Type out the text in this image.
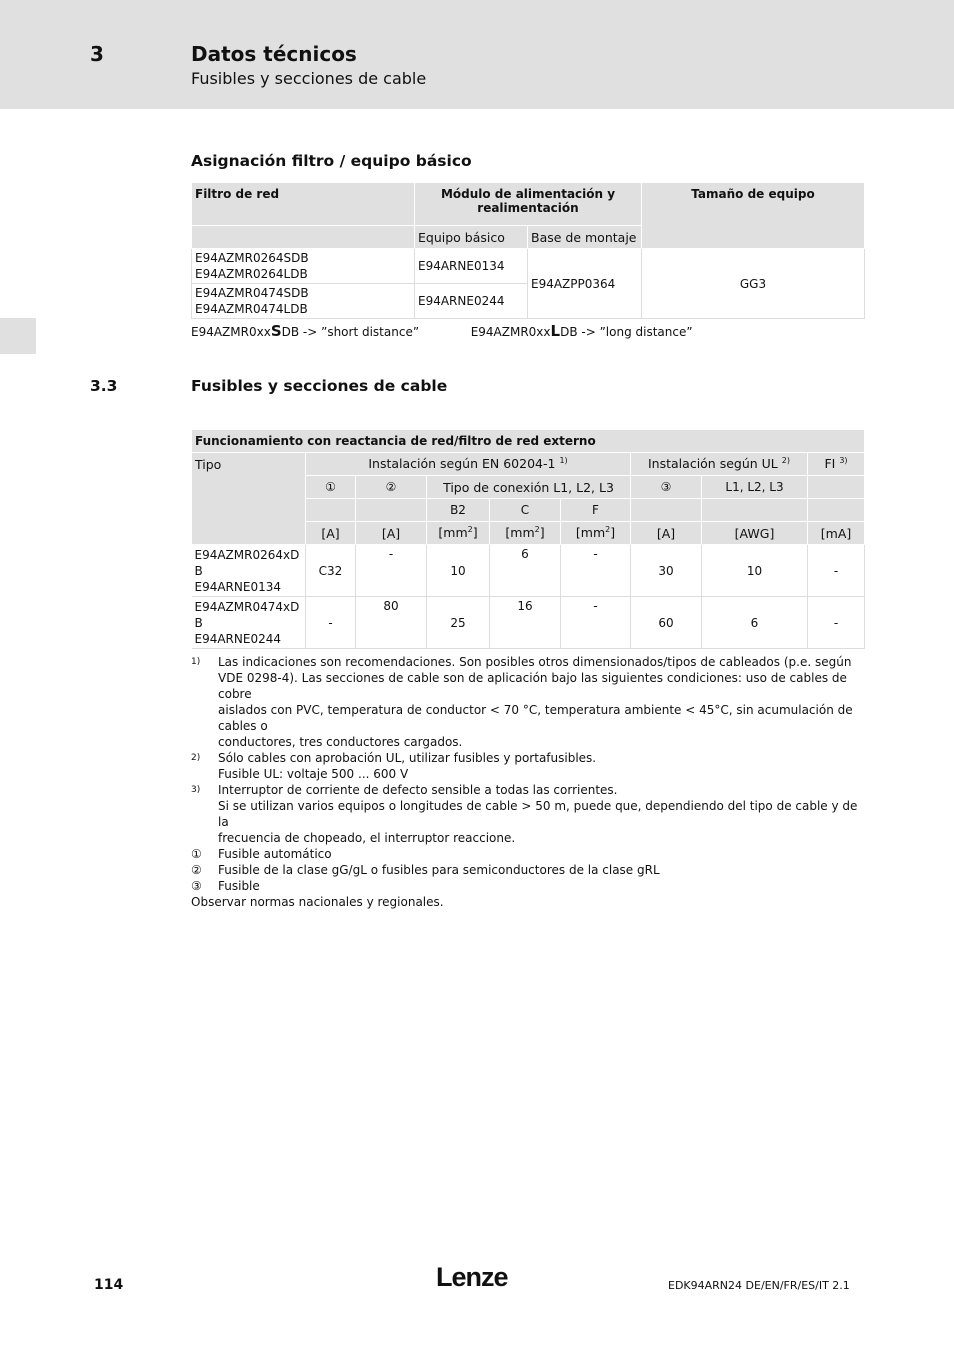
3	Datos técnicos
Fusibles y secciones de cable
Asignación filtro / equipo básico
Filtro de red	Módulo de alimentación y realimentación		Tamaño de equipo
	Equipo básico	Base de montaje	

E94AZMR0264SDB
E94AZMR0264LDB	E94ARNE0134	E94AZPP0364	GG3

E94AZMR0474SDB
E94AZMR0474LDB	E94ARNE0244		
E94AZMR0xxSDB -> ”short distance”	E94AZMR0xxLDB -> ”long distance”
3.3	Fusibles y secciones de cable
Funcionamiento con reactancia de red/filtro de red externo								
Tipo	Instalación según EN 60204-1 $^{1)}$					Instalación según UL $^{2)}$		FI $^{3)}$
	①	②	Tipo de conexión L1, L2, L3			③	L1, L2, L3	
			B2	C	F			
	[A]	[A]	$[mm^2]$	$[mm^2]$	$[mm^2]$	[A]	[AWG]	[mA]

E94AZMR0264xD
B
E94ARNE0134	C32	-	10	6	-	30	10	-

E94AZMR0474xD
B
E94ARNE0244	-	80	25	16	-	60	6	-
$^{1)}$	Las indicaciones son recomendaciones. Son posibles otros dimensionados/tipos de cableados (p.e. según
VDE 0298-4). Las secciones de cable son de aplicación bajo las siguientes condiciones: uso de cables de cobre
aislados con PVC, temperatura de conductor < 70 °C, temperatura ambiente < 45°C, sin acumulación de cables o
conductores, tres conductores cargados.
$^{2)}$	Sólo cables con aprobación UL, utilizar fusibles y portafusibles.
Fusible UL: voltaje 500 ... 600 V
$^{3)}$	Interruptor de corriente de defecto sensible a todas las corrientes.
Si se utilizan varios equipos o longitudes de cable > 50 m, puede que, dependiendo del tipo de cable y de la
frecuencia de chopeado, el interruptor reaccione.
①	Fusible automático
②	Fusible de la clase gG/gL o fusibles para semiconductores de la clase gRL
③	Fusible
Observar normas nacionales y regionales.
114	Lenze	EDK94ARN24 DE/EN/FR/ES/IT 2.1
